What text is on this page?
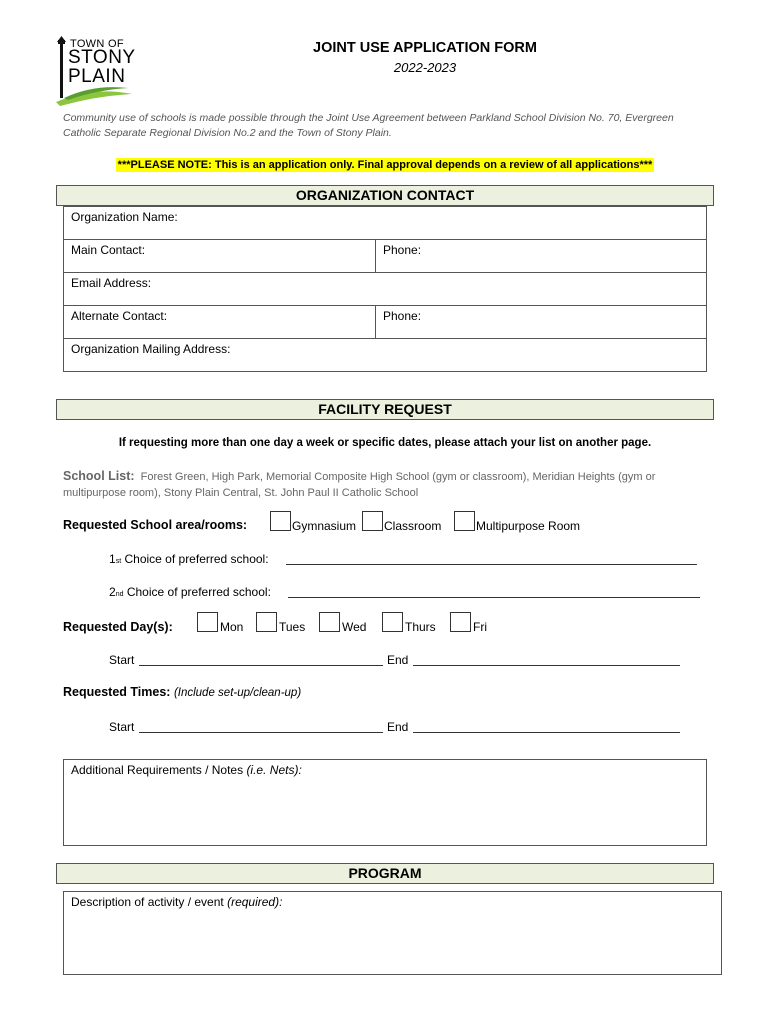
TOWN OF
STONY
PLAIN
JOINT USE APPLICATION FORM
2022-2023
Community use of schools is made possible through the Joint Use Agreement between Parkland School Division No. 70, Evergreen Catholic Separate Regional Division No.2 and the Town of Stony Plain.
***PLEASE NOTE: This is an application only. Final approval depends on a review of all applications***
ORGANIZATION CONTACT
Organization Name:
Main Contact:	Phone:
Email Address:
Alternate Contact:	Phone:
Organization Mailing Address:
FACILITY REQUEST
If requesting more than one day a week or specific dates, please attach your list on another page.
School List: Forest Green, High Park, Memorial Composite High School (gym or classroom), Meridian Heights (gym or multipurpose room), Stony Plain Central, St. John Paul II Catholic School
Requested School area/rooms:	Gymnasium Classroom	Multipurpose Room
1st Choice of preferred school:
2nd Choice of preferred school:
Requested Day(s):	Mon	Tues	Wed	Thurs	Fri
Start	End
Requested Times: (Include set-up/clean-up)
Start	End
Additional Requirements / Notes (i.e. Nets):
PROGRAM
Description of activity / event (required):
